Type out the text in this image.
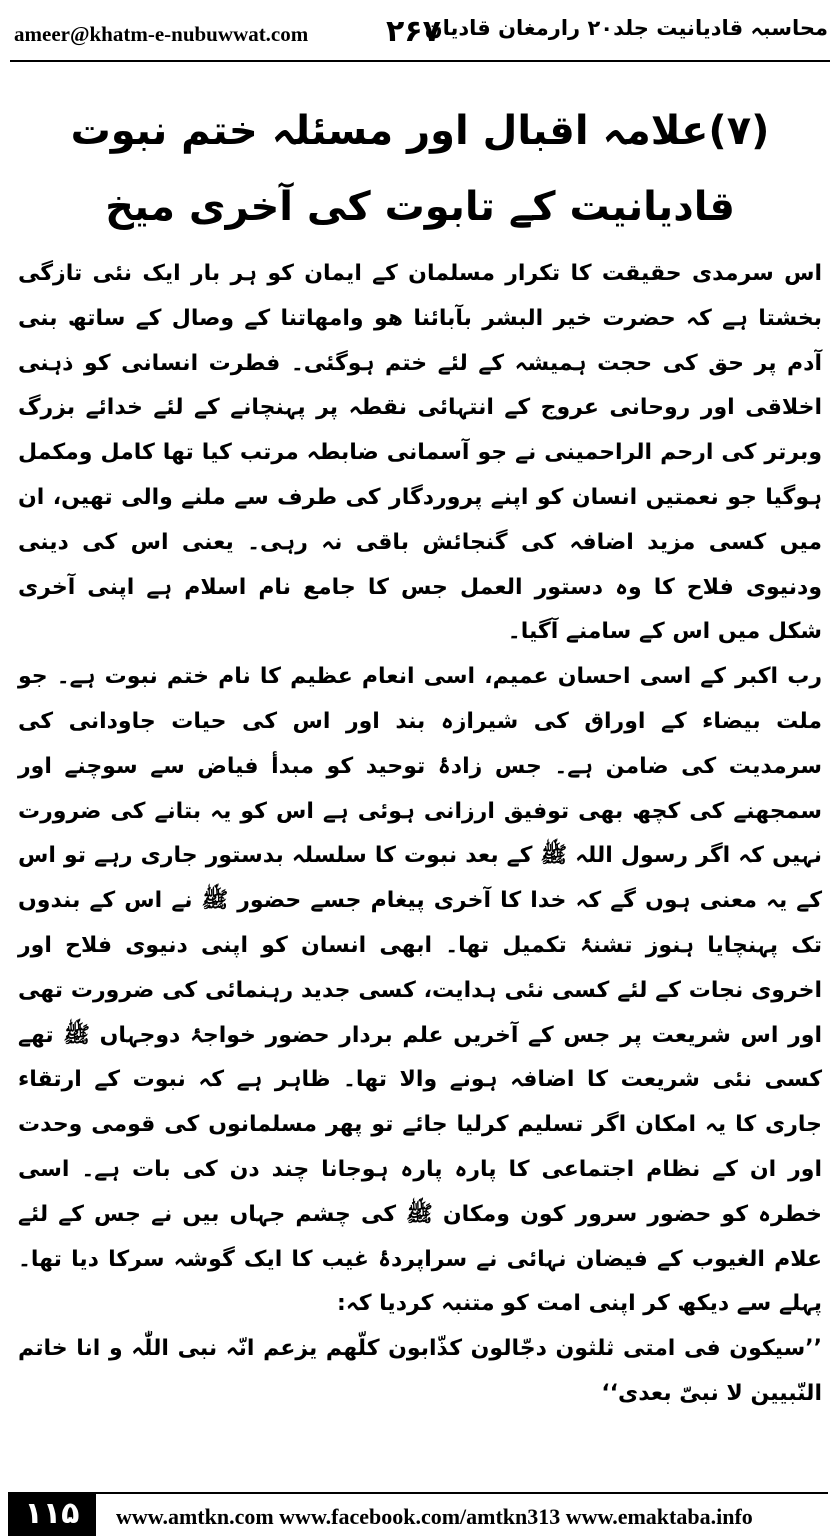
ameer@khatm-e-nubuwwat.com	۲۶۷
محاسبہ قادیانیت جلد۲۰ رارمغان قادیان
(۷)علامہ اقبال اور مسئلہ ختم نبوت
قادیانیت کے تابوت کی آخری میخ

اس سرمدی حقیقت کا تکرار مسلمان کے ایمان کو ہر بار ایک نئی تازگی بخشتا ہے کہ حضرت خیر البشر بآبائنا ھو وامھاتنا کے وصال کے ساتھ بنی آدم پر حق کی حجت ہمیشہ کے لئے ختم ہوگئی۔ فطرت انسانی کو ذہنی اخلاقی اور روحانی عروج کے انتہائی نقطہ پر پہنچانے کے لئے خدائے بزرگ وبرتر کی ارحم الراحمینی نے جو آسمانی ضابطہ مرتب کیا تھا کامل ومکمل ہوگیا جو نعمتیں انسان کو اپنے پروردگار کی طرف سے ملنے والی تھیں، ان میں کسی مزید اضافہ کی گنجائش باقی نہ رہی۔ یعنی اس کی دینی ودنیوی فلاح کا وہ دستور العمل جس کا جامع نام اسلام ہے اپنی آخری شکل میں اس کے سامنے آگیا۔

رب اکبر کے اسی احسان عمیم، اسی انعام عظیم کا نام ختم نبوت ہے۔ جو ملت بیضاء کے اوراق کی شیرازہ بند اور اس کی حیات جاودانی کی سرمدیت کی ضامن ہے۔ جس زادۂ توحید کو مبدأ فیاض سے سوچنے اور سمجھنے کی کچھ بھی توفیق ارزانی ہوئی ہے اس کو یہ بتانے کی ضرورت نہیں کہ اگر رسول اللہ ﷺ کے بعد نبوت کا سلسلہ بدستور جاری رہے تو اس کے یہ معنی ہوں گے کہ خدا کا آخری پیغام جسے حضور ﷺ نے اس کے بندوں تک پہنچایا ہنوز تشنۂ تکمیل تھا۔ ابھی انسان کو اپنی دنیوی فلاح اور اخروی نجات کے لئے کسی نئی ہدایت، کسی جدید رہنمائی کی ضرورت تھی اور اس شریعت پر جس کے آخریں علم بردار حضور خواجۂ دوجہاں ﷺ تھے کسی نئی شریعت کا اضافہ ہونے والا تھا۔ ظاہر ہے کہ نبوت کے ارتقاء جاری کا یہ امکان اگر تسلیم کرلیا جائے تو پھر مسلمانوں کی قومی وحدت اور ان کے نظام اجتماعی کا پارہ پارہ ہوجانا چند دن کی بات ہے۔ اسی خطرہ کو حضور سرور کون ومکان ﷺ کی چشم جہاں بیں نے جس کے لئے علام الغیوب کے فیضان نہائی نے سراپردۂ غیب کا ایک گوشہ سرکا دیا تھا۔ پہلے سے دیکھ کر اپنی امت کو متنبہ کردیا کہ:

’’سیکون فی امتی ثلثون دجّالون کذّابون کلّھم یزعم انّہ نبی اللّٰہ و انا خاتم النّبیین لا نبیّ بعدی‘‘

۱۱۵	www.amtkn.com www.facebook.com/amtkn313 www.emaktaba.info
